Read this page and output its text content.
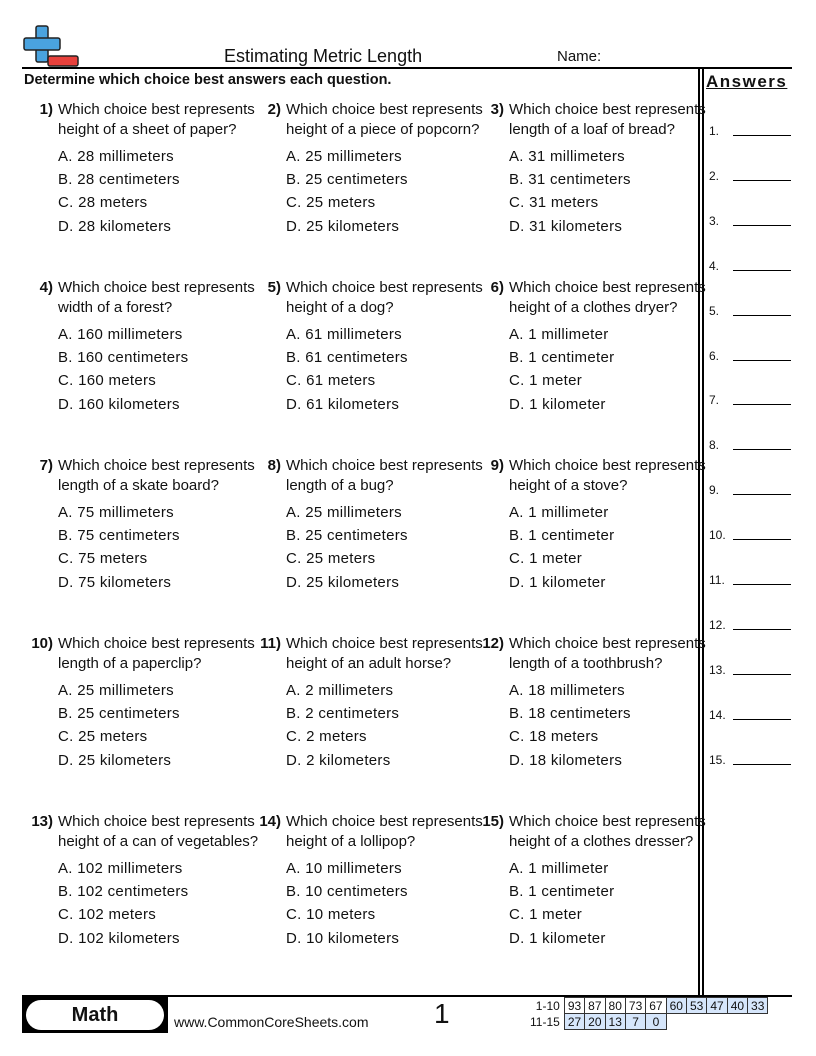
Estimating Metric Length	Name:
Determine which choice best answers each question.	Answers
1.
2.
3.
4.
5.
6.
7.
8.
9.
10.
11.
12.
13.
14.
15.
1) Which choice best represents height of a sheet of paper?

A. 28 millimeters
B. 28 centimeters
C. 28 meters
D. 28 kilometers
2) Which choice best represents height of a piece of popcorn?

A. 25 millimeters
B. 25 centimeters
C. 25 meters
D. 25 kilometers
3) Which choice best represents length of a loaf of bread?

A. 31 millimeters
B. 31 centimeters
C. 31 meters
D. 31 kilometers
4) Which choice best represents width of a forest?

A. 160 millimeters
B. 160 centimeters
C. 160 meters
D. 160 kilometers
5) Which choice best represents height of a dog?

A. 61 millimeters
B. 61 centimeters
C. 61 meters
D. 61 kilometers
6) Which choice best represents height of a clothes dryer?

A. 1 millimeter
B. 1 centimeter
C. 1 meter
D. 1 kilometer
7) Which choice best represents length of a skate board?

A. 75 millimeters
B. 75 centimeters
C. 75 meters
D. 75 kilometers
8) Which choice best represents length of a bug?

A. 25 millimeters
B. 25 centimeters
C. 25 meters
D. 25 kilometers
9) Which choice best represents height of a stove?

A. 1 millimeter
B. 1 centimeter
C. 1 meter
D. 1 kilometer
10) Which choice best represents length of a paperclip?

A. 25 millimeters
B. 25 centimeters
C. 25 meters
D. 25 kilometers
11) Which choice best represents height of an adult horse?

A. 2 millimeters
B. 2 centimeters
C. 2 meters
D. 2 kilometers
12) Which choice best represents length of a toothbrush?

A. 18 millimeters
B. 18 centimeters
C. 18 meters
D. 18 kilometers
13) Which choice best represents height of a can of vegetables?

A. 102 millimeters
B. 102 centimeters
C. 102 meters
D. 102 kilometers
14) Which choice best represents height of a lollipop?

A. 10 millimeters
B. 10 centimeters
C. 10 meters
D. 10 kilometers
15) Which choice best represents height of a clothes dresser?

A. 1 millimeter
B. 1 centimeter
C. 1 meter
D. 1 kilometer
Math	www.CommonCoreSheets.com 1	1-10	93	87	80	73	67	60	53	47	40	33
11-15	27	20	13	7	0					
